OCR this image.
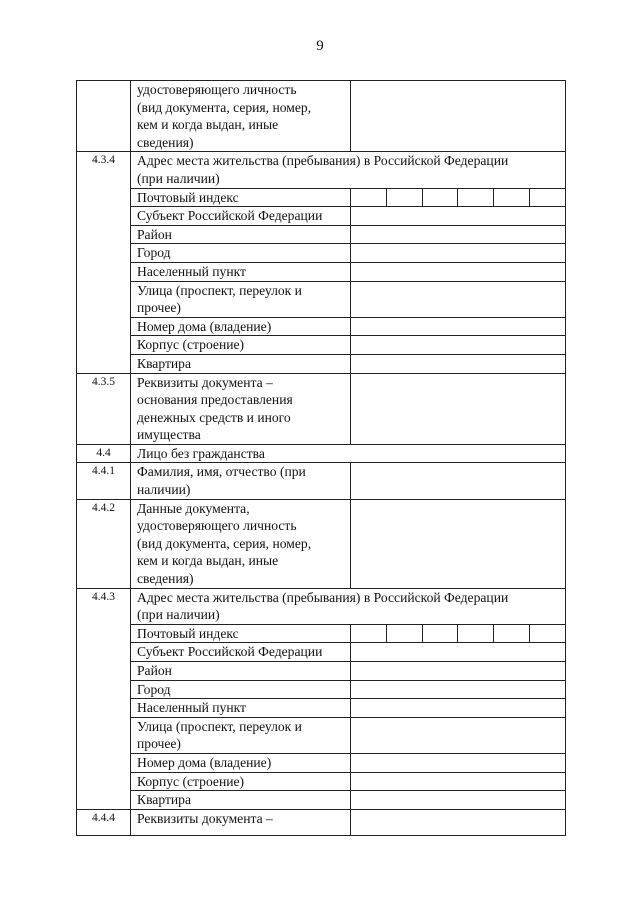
9

	удостоверяющего личность
(вид документа, серия, номер,
кем и когда выдан, иные
сведения)	

4.3.4	Адрес места жительства (пребывания) в Российской Федерации
(при наличии)	

	Почтовый индекс	

	Субъект Российской Федерации	
	Район	
	Город	
	Населенный пункт	

	Улица (проспект, переулок и
прочее)	

	Номер дома (владение)	
	Корпус (строение)	
	Квартира	
4.3.5	Реквизиты документа –
основания предоставления
денежных средств и иного
имущества	

4.4	Лицо без гражданства	
4.4.1	Фамилия, имя, отчество (при
наличии)	

4.4.2	Данные документа,
удостоверяющего личность
(вид документа, серия, номер,
кем и когда выдан, иные
сведения)	

4.4.3	Адрес места жительства (пребывания) в Российской Федерации
(при наличии)	

	Почтовый индекс	

	Субъект Российской Федерации	
	Район	
	Город	
	Населенный пункт	

	Улица (проспект, переулок и
прочее)	

	Номер дома (владение)	
	Корпус (строение)	
	Квартира	
4.4.4	Реквизиты документа –	
